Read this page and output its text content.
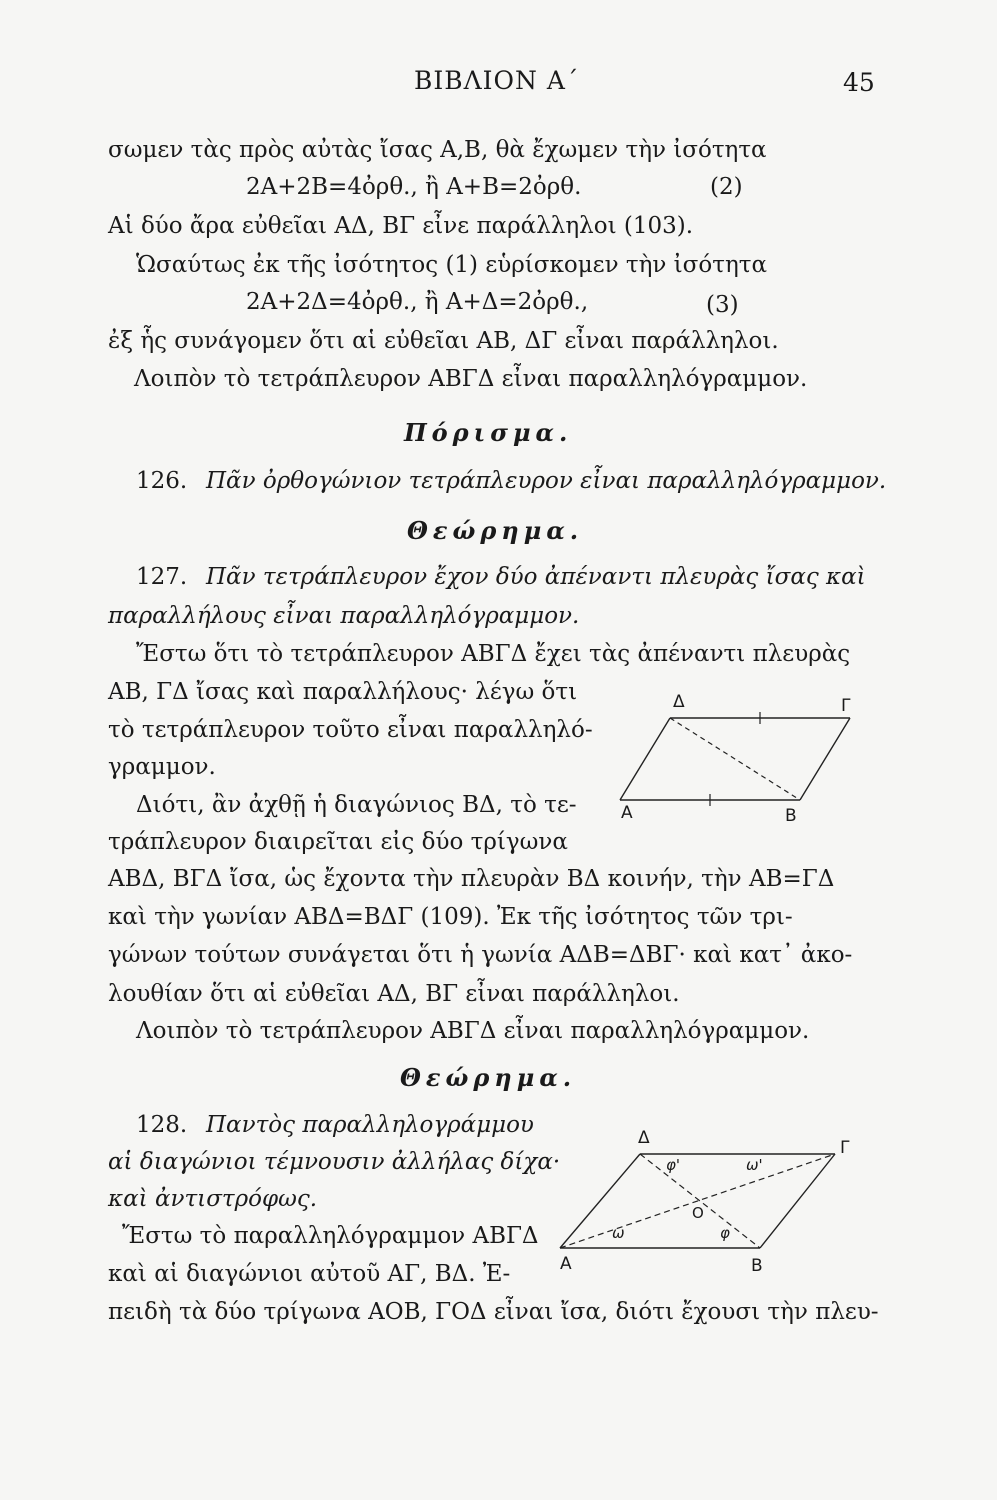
ΒΙΒΛΙΟΝ Α΄	45
σωμεν τὰς πρὸς αὐτὰς ἴσας Α,Β, θὰ ἔχωμεν τὴν ἰσότητα
2Α+2Β=4ὀρθ., ἢ Α+Β=2ὀρθ.	(2)
Αἱ δύο ἄρα εὐθεῖαι ΑΔ, ΒΓ εἶνε παράλληλοι (103).
Ὡσαύτως ἐκ τῆς ἰσότητος (1) εὑρίσκομεν τὴν ἰσότητα
2Α+2Δ=4ὀρθ., ἢ Α+Δ=2ὀρθ.,	(3)
ἐξ ἧς συνάγομεν ὅτι αἱ εὐθεῖαι ΑΒ, ΔΓ εἶναι παράλληλοι.
Λοιπὸν τὸ τετράπλευρον ΑΒΓΔ εἶναι παραλληλόγραμμον.
Πόρισμα.
126. Πᾶν ὀρθογώνιον τετράπλευρον εἶναι παραλληλόγραμμον.
Θεώρημα.
127. Πᾶν τετράπλευρον ἔχον δύο ἀπέναντι πλευρὰς ἴσας καὶ
παραλλήλους εἶναι παραλληλόγραμμον.
Ἔστω ὅτι τὸ τετράπλευρον ΑΒΓΔ ἔχει τὰς ἀπέναντι πλευρὰς
ΑΒ, ΓΔ ἴσας καὶ παραλλήλους· λέγω ὅτι
τὸ τετράπλευρον τοῦτο εἶναι παραλληλό-
γραμμον.
Διότι, ἂν ἀχθῇ ἡ διαγώνιος ΒΔ, τὸ τε-
τράπλευρον διαιρεῖται εἰς δύο τρίγωνα
ΑΒΔ, ΒΓΔ ἴσα, ὡς ἔχοντα τὴν πλευρὰν ΒΔ κοινήν, τὴν ΑΒ=ΓΔ
καὶ τὴν γωνίαν ΑΒΔ=ΒΔΓ (109). Ἐκ τῆς ἰσότητος τῶν τρι-
γώνων τούτων συνάγεται ὅτι ἡ γωνία ΑΔΒ=ΔΒΓ· καὶ κατ᾽ ἀκο-
λουθίαν ὅτι αἱ εὐθεῖαι ΑΔ, ΒΓ εἶναι παράλληλοι.
Λοιπὸν τὸ τετράπλευρον ΑΒΓΔ εἶναι παραλληλόγραμμον.
Δ	Γ
Α	Β
Θεώρημα.
128. Παντὸς παραλληλογράμμου
αἱ διαγώνιοι τέμνουσιν ἀλλήλας δίχα·
καὶ ἀντιστρόφως.
Ἔστω τὸ παραλληλόγραμμον ΑΒΓΔ
καὶ αἱ διαγώνιοι αὐτοῦ ΑΓ, ΒΔ. Ἐ-
πειδὴ τὰ δύο τρίγωνα ΑΟΒ, ΓΟΔ εἶναι ἴσα, διότι ἔχουσι τὴν πλευ-
Δ	Γ
Α	Β
O
φ'	ω'
ω	φ
